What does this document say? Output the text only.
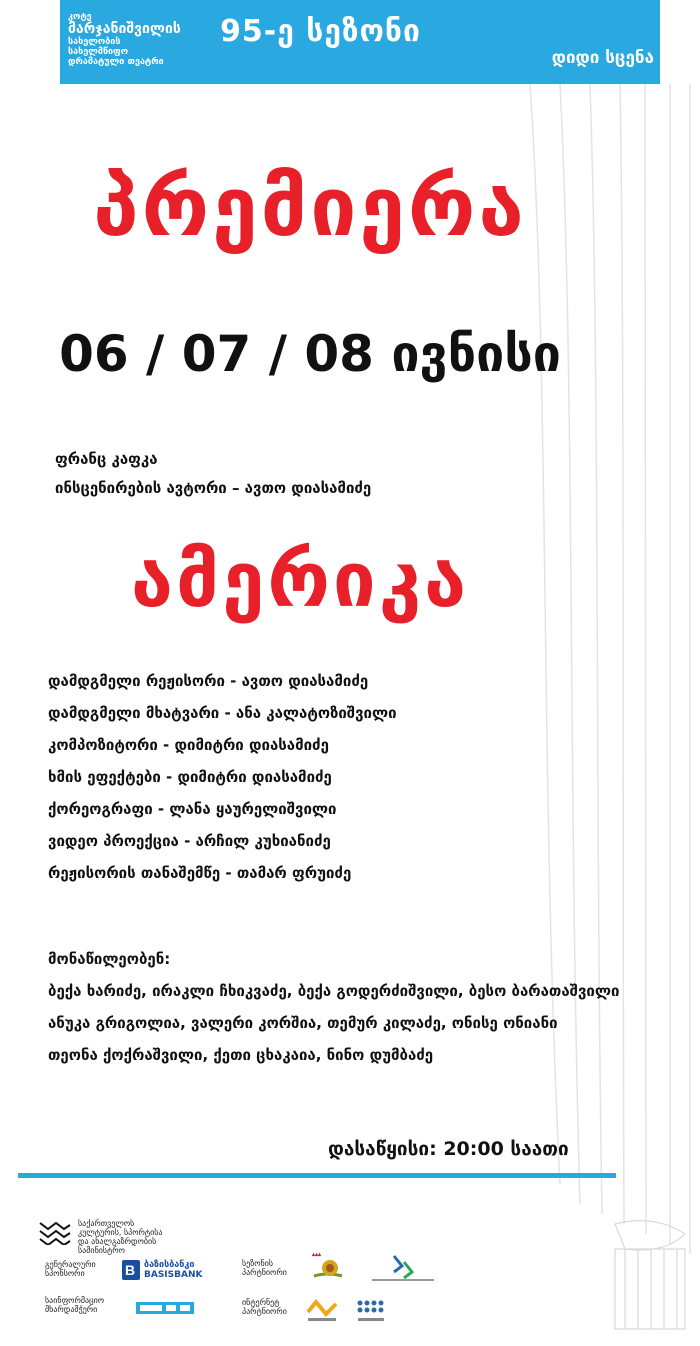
კოტე
მარჯანიშვილის
სახელობის
სახელმწიფო
დრამატული თეატრი
95-ე სეზონი
დიდი სცენა
პრემიერა
06 / 07 / 08 ივნისი
ფრანც კაფკა
ინსცენირების ავტორი – ავთო დიასამიძე
ამერიკა
დამდგმელი რეჟისორი - ავთო დიასამიძე
დამდგმელი მხატვარი - ანა კალატოზიშვილი
კომპოზიტორი - დიმიტრი დიასამიძე
ხმის ეფექტები - დიმიტრი დიასამიძე
ქორეოგრაფი - ლანა ყაურელიშვილი
ვიდეო პროექცია - არჩილ კუხიანიძე
რეჟისორის თანაშემწე - თამარ ფრუიძე
მონაწილეობენ:
ბექა ხარიძე, ირაკლი ჩხიკვაძე, ბექა გოდერძიშვილი, ბესო ბარათაშვილი
ანუკა გრიგოლია, ვალერი კორშია, თემურ კილაძე, ონისე ონიანი
თეონა ქოქრაშვილი, ქეთი ცხაკაია, ნინო დუმბაძე
დასაწყისი: 20:00 საათი
საქართველოს
კულტურის, სპორტისა
და ახალგაზრდობის
სამინისტრო
გენერალური
სპონსორი	B ბაზისბანკი
BASISBANK
სეზონის
პარტნიორი
▴▴▴
საინფორმაციო
მხარდამჭერი
ინტერნეტ
პარტნიორი
